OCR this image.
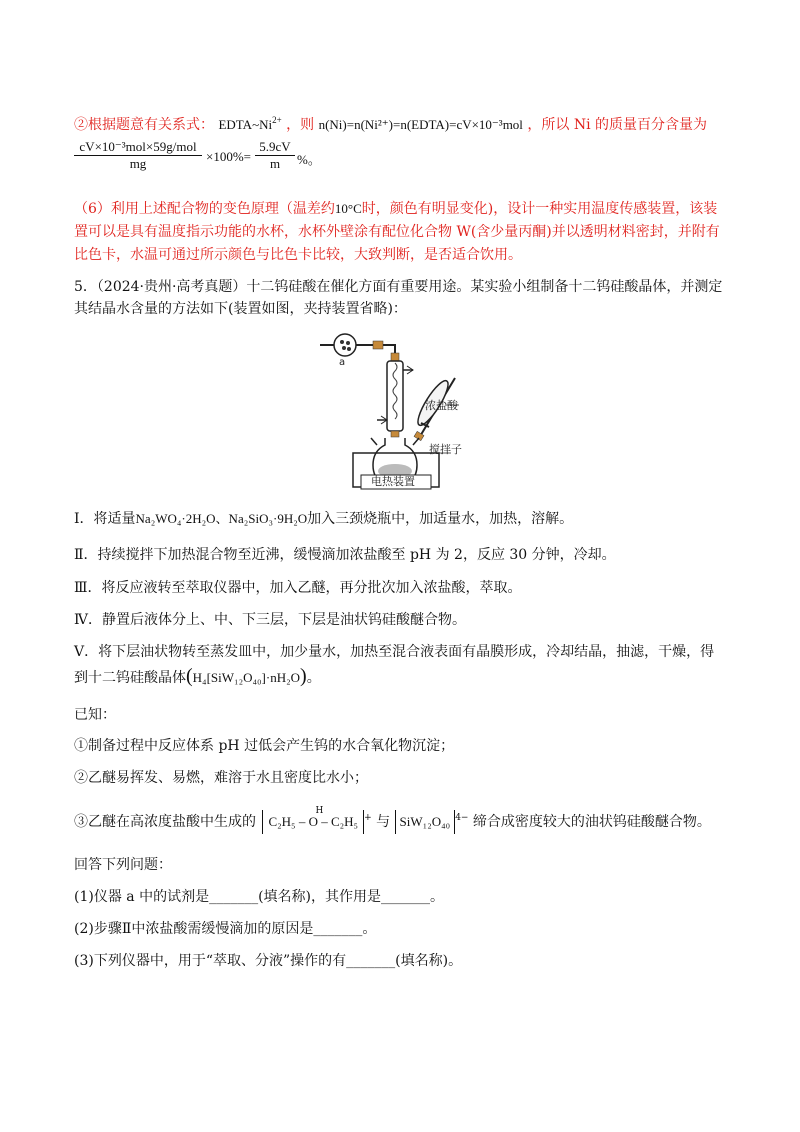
②根据题意有关系式： $EDTA\sim Ni^{2+}$ ，则 n(Ni)=n(Ni²⁺)=n(EDTA)=cV×10⁻³mol ，所以 Ni 的质量百分含量为
cV×10⁻³mol×59g/mol
mg	×100%=
5.9cV
m	%。
（6）利用上述配合物的变色原理（温差约10°C时，颜色有明显变化)，设计一种实用温度传感装置，该装
置可以是具有温度指示功能的水杯，水杯外壁涂有配位化合物 W(含少量丙酮)并以透明材料密封，并附有
比色卡，水温可通过所示颜色与比色卡比较，大致判断，是否适合饮用。
5．（2024·贵州·高考真题）十二钨硅酸在催化方面有重要用途。某实验小组制备十二钨硅酸晶体，并测定
其结晶水含量的方法如下(装置如图，夹持装置省略)：
a
浓盐酸
搅拌子
电热装置
Ⅰ．将适量Na₂WO₄·2H₂O、Na₂SiO₃·9H₂O加入三颈烧瓶中，加适量水，加热，溶解。
Ⅱ．持续搅拌下加热混合物至近沸，缓慢滴加浓盐酸至 pH 为 2，反应 30 分钟，冷却。
Ⅲ．将反应液转至萃取仪器中，加入乙醚，再分批次加入浓盐酸，萃取。
Ⅳ．静置后液体分上、中、下三层，下层是油状钨硅酸醚合物。
Ⅴ．将下层油状物转至蒸发皿中，加少量水，加热至混合液表面有晶膜形成，冷却结晶，抽滤，干燥，得
到十二钨硅酸晶体(H₄[SiW₁₂O₄₀]·nH₂O)。
已知：
①制备过程中反应体系 pH 过低会产生钨的水合氧化物沉淀；
②乙醚易挥发、易燃，难溶于水且密度比水小；
③乙醚在高浓度盐酸中生成的 C₂H₅ – O – C₂H₅
H
+ 与 SiW₁₂O₄₀ $^{4-}$ 缔合成密度较大的油状钨硅酸醚合物。
回答下列问题：
(1)仪器 a 中的试剂是_______(填名称)，其作用是_______。
(2)步骤Ⅱ中浓盐酸需缓慢滴加的原因是_______。
(3)下列仪器中，用于“萃取、分液”操作的有_______(填名称)。
